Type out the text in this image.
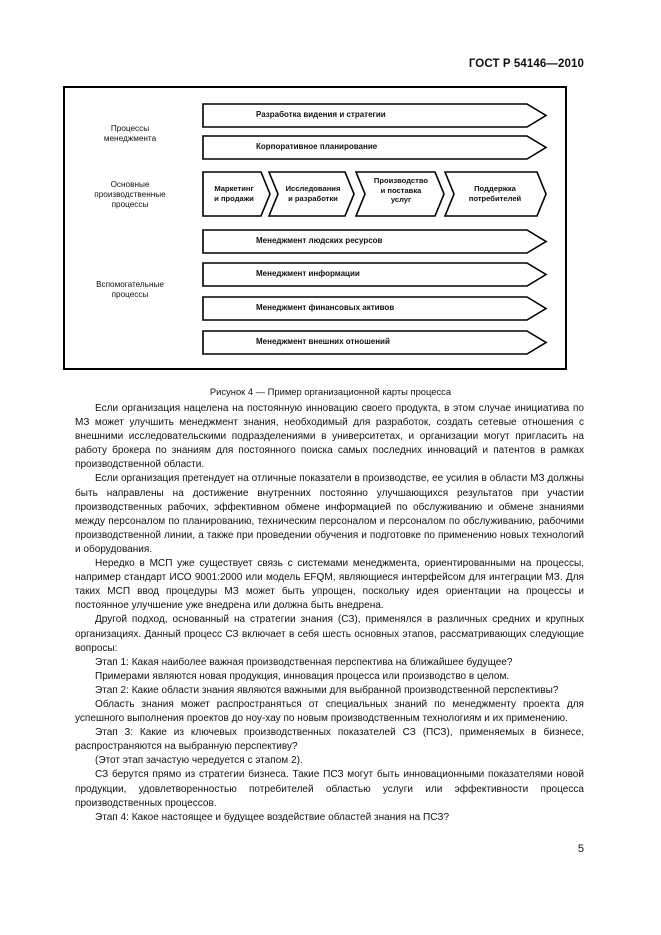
ГОСТ Р 54146—2010
Процессы
менеджмента
Основные
производственные
процессы
Вспомогательные
процессы
Разработка видения и стратегии
Корпоративное планирование
Маркетинг
и продажи
Исследования
и разработки
Производство
и поставка
услуг
Поддержка
потребителей
Менеджмент людских ресурсов
Менеджмент информации
Менеджмент финансовых активов
Менеджмент внешних отношений
Рисунок 4 — Пример организационной карты процесса

Если организация нацелена на постоянную инновацию своего продукта, в этом случае инициатива по МЗ может улучшить менеджмент знания, необходимый для разработок, создать сетевые отношения с внешними исследовательскими подразделениями в университетах, и организации могут пригласить на работу брокера по знаниям для постоянного поиска самых последних инноваций и патентов в рамках производственной области.

Если организация претендует на отличные показатели в производстве, ее усилия в области МЗ должны быть направлены на достижение внутренних постоянно улучшающихся результатов при участии производственных рабочих, эффективном обмене информацией по обслуживанию и обмене знаниями между персоналом по планированию, техническим персоналом и персоналом по обслуживанию, рабочими производственной линии, а также при проведении обучения и подготовке по применению новых технологий и оборудования.

Нередко в МСП уже существует связь с системами менеджмента, ориентированными на процессы, например стандарт ИСО 9001:2000 или модель EFQM, являющиеся интерфейсом для интеграции МЗ. Для таких МСП ввод процедуры МЗ может быть упрощен, поскольку идея ориентации на процессы и постоянное улучшение уже внедрена или должна быть внедрена.

Другой подход, основанный на стратегии знания (СЗ), применялся в различных средних и крупных организациях. Данный процесс СЗ включает в себя шесть основных этапов, рассматривающих следующие вопросы:

Этап 1: Какая наиболее важная производственная перспектива на ближайшее будущее?

Примерами являются новая продукция, инновация процесса или производство в целом.

Этап 2: Какие области знания являются важными для выбранной производственной перспективы?

Область знания может распространяться от специальных знаний по менеджменту проекта для успешного выполнения проектов до ноу-хау по новым производственным технологиям и их применению.

Этап 3: Какие из ключевых производственных показателей СЗ (ПСЗ), применяемых в бизнесе, распространяются на выбранную перспективу?

(Этот этап зачастую чередуется с этапом 2).

СЗ берутся прямо из стратегии бизнеса. Такие ПСЗ могут быть инновационными показателями новой продукции, удовлетворенностью потребителей областью услуги или эффективности процесса производственных процессов.

Этап 4: Какое настоящее и будущее воздействие областей знания на ПСЗ?

5
